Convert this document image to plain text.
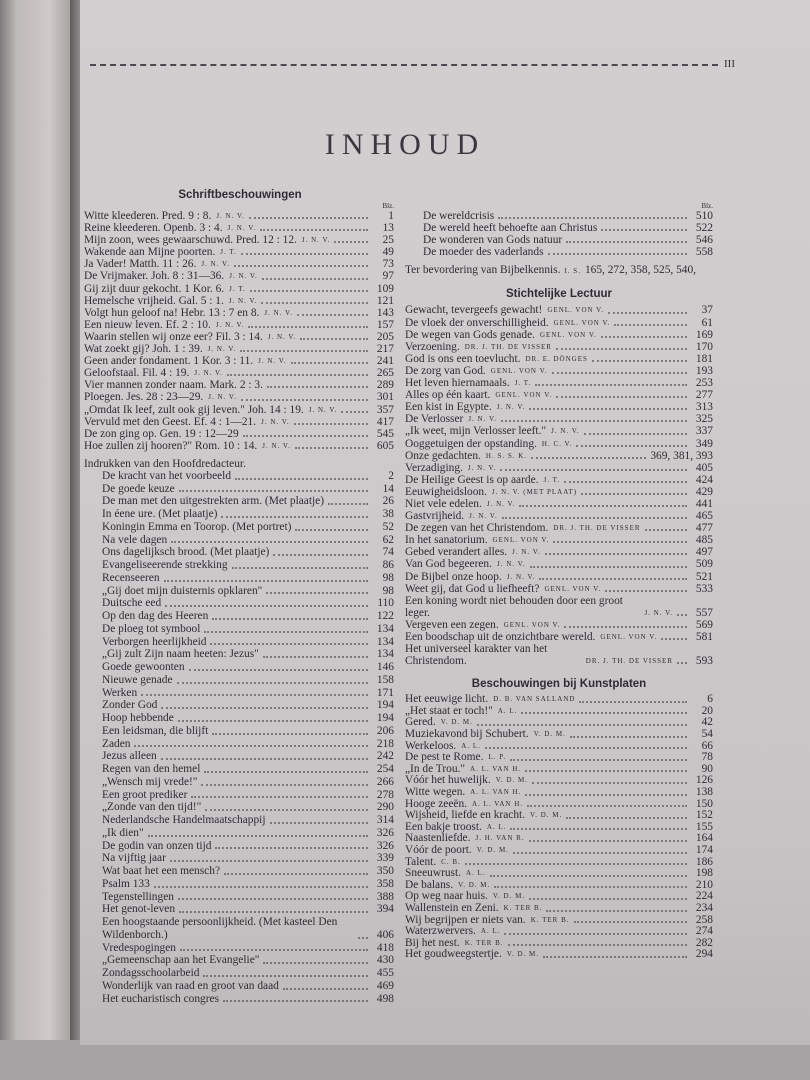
III
INHOUD
Schriftbeschouwingen
Blz.
Witte kleederen. Pred. 9 : 8. J. N. V.	1
Reine kleederen. Openb. 3 : 4. J. N. V.	13
Mijn zoon, wees gewaarschuwd. Pred. 12 : 12. J. N. V.	25
Wakende aan Mijne poorten. J. T.	49
Ja Vader! Matth. 11 : 26. J. N. V.	73
De Vrijmaker. Joh. 8 : 31—36. J. N. V.	97
Gij zijt duur gekocht. 1 Kor. 6. J. T.	109
Hemelsche vrijheid. Gal. 5 : 1. J. N. V.	121
Volgt hun geloof na! Hebr. 13 : 7 en 8. J. N. V.	143
Een nieuw leven. Ef. 2 : 10. J. N. V.	157
Waarin stellen wij onze eer? Fil. 3 : 14. J. N. V.	205
Wat zoekt gij? Joh. 1 : 39. J. N. V.	217
Geen ander fondament. 1 Kor. 3 : 11. J. N. V.	241
Geloofstaal. Fil. 4 : 19. J. N. V.	265
Vier mannen zonder naam. Mark. 2 : 3.	289
Ploegen. Jes. 28 : 23—29. J. N. V.	301
„Omdat Ik leef, zult ook gij leven." Joh. 14 : 19. J. N. V.	357
Vervuld met den Geest. Ef. 4 : 1—21. J. N. V.	417
De zon ging op. Gen. 19 : 12—29	545
Hoe zullen zij hooren?" Rom. 10 : 14. J. N. V.	605
Indrukken van den Hoofdredacteur.
De kracht van het voorbeeld	2
De goede keuze	14
De man met den uitgestrekten arm. (Met plaatje)	26
In éene ure. (Met plaatje)	38
Koningin Emma en Toorop. (Met portret)	52
Na vele dagen	62
Ons dagelijksch brood. (Met plaatje)	74
Evangeliseerende strekking	86
Recenseeren	98
„Gij doet mijn duisternis opklaren"	98
Duitsche eed	110
Op den dag des Heeren	122
De ploeg tot symbool	134
Verborgen heerlijkheid	134
„Gij zult Zijn naam heeten: Jezus"	134
Goede gewoonten	146
Nieuwe genade	158
Werken	171
Zonder God	194
Hoop hebbende	194
Een leidsman, die blijft	206
Zaden	218
Jezus alleen	242
Regen van den hemel	254
„Wensch mij vrede!"	266
Een groot prediker	278
„Zonde van den tijd!"	290
Nederlandsche Handelmaatschappij	314
„Ik dien"	326
De godin van onzen tijd	326
Na vijftig jaar	339
Wat baat het een mensch?	350
Psalm 133	358
Tegenstellingen	388
Het genot-leven	394
Een hoogstaande persoonlijkheid. (Met kasteel Den Wildenborch.)	406
Vredespogingen	418
„Gemeenschap aan het Evangelie"	430
Zondagsschoolarbeid	455
Wonderlijk van raad en groot van daad	469
Het eucharistisch congres	498
Blz.
De wereldcrisis	510
De wereld heeft behoefte aan Christus	522
De wonderen van Gods natuur	546
De moeder des vaderlands	558
Ter bevordering van Bijbelkennis. I. S. 165, 272, 358, 525, 540,
Stichtelijke Lectuur
Gewacht, tevergeefs gewacht! GENL. VON V.	37
De vloek der onverschilligheid. GENL. VON V.	61
De wegen van Gods genade. GENL. VON V.	169
Verzoening. DR. J. TH. DE VISSER	170
God is ons een toevlucht. DR. E. DÖNGES	181
De zorg van God. GENL. VON V.	193
Het leven hiernamaals. J. T.	253
Alles op één kaart. GENL. VON V.	277
Een kist in Egypte. J. N. V.	313
De Verlosser J. N. V.	325
„Ik weet, mijn Verlosser leeft." J. N. V.	337
Ooggetuigen der opstanding. H. C. V.	349
Onze gedachten. H. S. S. K.	369, 381, 393
Verzadiging. J. N. V.	405
De Heilige Geest is op aarde. J. T.	424
Eeuwigheidsloon. J. N. V. (MET PLAAT)	429
Niet vele edelen. J. N. V.	441
Gastvrijheid. J. N. V.	465
De zegen van het Christendom. DR. J. TH. DE VISSER	477
In het sanatorium. GENL. VON V.	485
Gebed verandert alles. J. N. V.	497
Van God begeeren. J. N. V.	509
De Bijbel onze hoop. J. N. V.	521
Weet gij, dat God u liefheeft? GENL. VON V.	533
Een koning wordt niet behouden door een groot leger.	J. N. V.	557
Vergeven een zegen. GENL. VON V.	569
Een boodschap uit de onzichtbare wereld. GENL. VON V.	581
Het universeel karakter van het Christendom.	DR. J. TH. DE VISSER	593
Beschouwingen bij Kunstplaten
Het eeuwige licht. D. B. VAN SALLAND	6
„Het staat er toch!" A. L.	20
Gered. V. D. M.	42
Muziekavond bij Schubert. V. D. M.	54
Werkeloos. A. L.	66
De pest te Rome. L. P.	78
„In de Trou." A. L. VAN H.	90
Vóór het huwelijk. V. D. M.	126
Witte wegen. A. L. VAN H.	138
Hooge zeeën. A. L. VAN H.	150
Wijsheid, liefde en kracht. V. D. M.	152
Een bakje troost. A. L.	155
Naastenliefde. J. H. VAN R.	164
Vóór de poort. V. D. M.	174
Talent. C. B.	186
Sneeuwrust. A. L.	198
De balans. V. D. M.	210
Op weg naar huis. V. D. M.	224
Wallenstein en Zeni. K. TER B.	234
Wij begrijpen er niets van. K. TER B.	258
Waterzwervers. A. L.	274
Bij het nest. K. TER B.	282
Het goudweegstertje. V. D. M.	294
